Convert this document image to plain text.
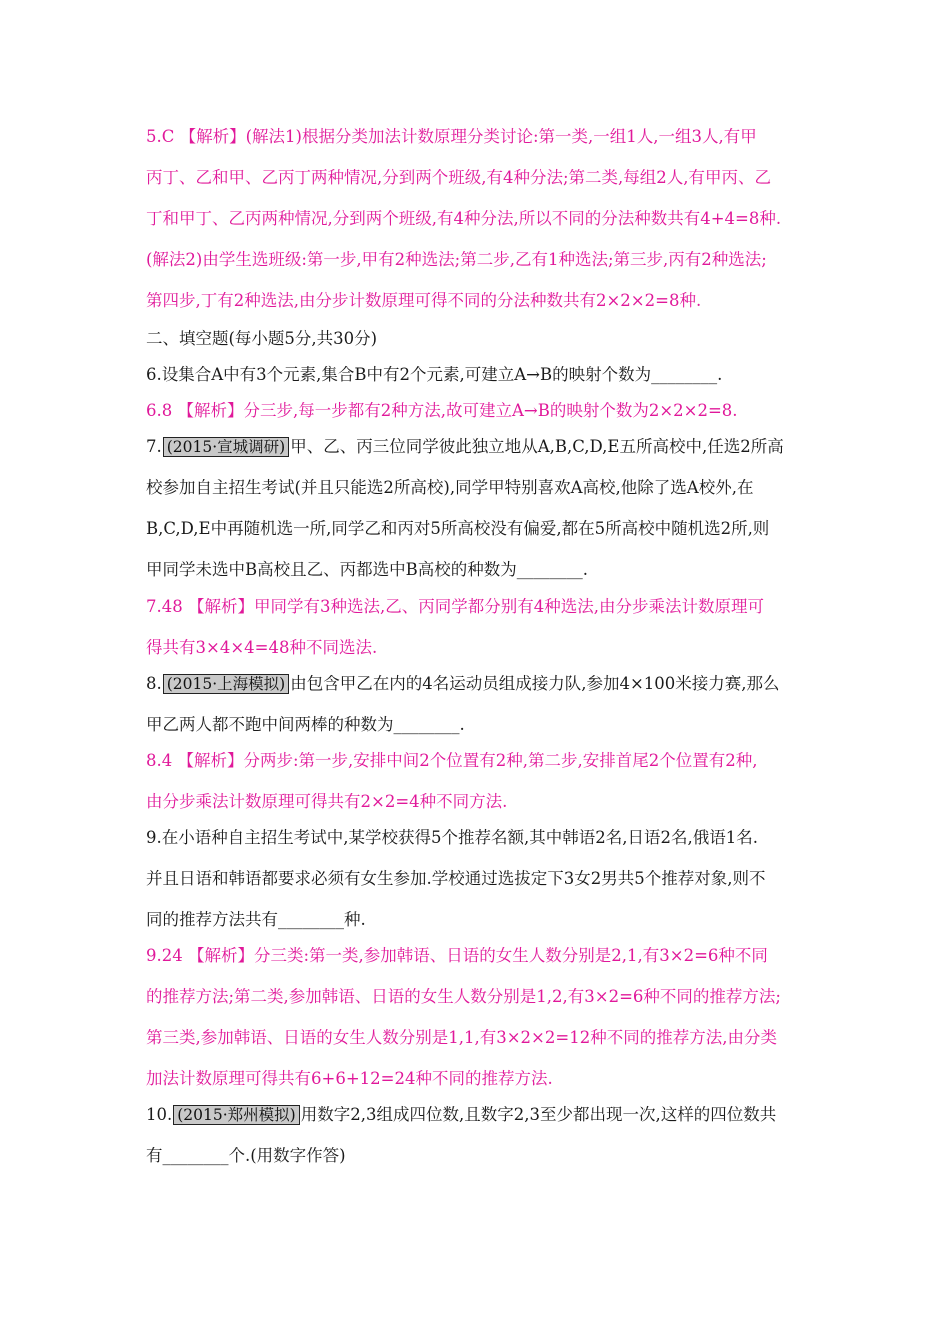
5.C 【解析】(解法1)根据分类加法计数原理分类讨论:第一类,一组1人,一组3人,有甲
丙丁、乙和甲、乙丙丁两种情况,分到两个班级,有4种分法;第二类,每组2人,有甲丙、乙
丁和甲丁、乙丙两种情况,分到两个班级,有4种分法,所以不同的分法种数共有4+4=8种.
(解法2)由学生选班级:第一步,甲有2种选法;第二步,乙有1种选法;第三步,丙有2种选法;
第四步,丁有2种选法,由分步计数原理可得不同的分法种数共有2×2×2=8种.
二、填空题(每小题5分,共30分)
6.设集合A中有3个元素,集合B中有2个元素,可建立A→B的映射个数为________.
6.8 【解析】分三步,每一步都有2种方法,故可建立A→B的映射个数为2×2×2=8.
7. (2015·宣城调研) 甲、乙、丙三位同学彼此独立地从A,B,C,D,E五所高校中,任选2所高
校参加自主招生考试(并且只能选2所高校),同学甲特别喜欢A高校,他除了选A校外,在
B,C,D,E中再随机选一所,同学乙和丙对5所高校没有偏爱,都在5所高校中随机选2所,则
甲同学未选中B高校且乙、丙都选中B高校的种数为________.
7.48 【解析】甲同学有3种选法,乙、丙同学都分别有4种选法,由分步乘法计数原理可
得共有3×4×4=48种不同选法.
8. (2015·上海模拟) 由包含甲乙在内的4名运动员组成接力队,参加4×100米接力赛,那么
甲乙两人都不跑中间两棒的种数为________.
8.4 【解析】分两步:第一步,安排中间2个位置有2种,第二步,安排首尾2个位置有2种,
由分步乘法计数原理可得共有2×2=4种不同方法.
9.在小语种自主招生考试中,某学校获得5个推荐名额,其中韩语2名,日语2名,俄语1名.
并且日语和韩语都要求必须有女生参加.学校通过选拔定下3女2男共5个推荐对象,则不
同的推荐方法共有________种.
9.24 【解析】分三类:第一类,参加韩语、日语的女生人数分别是2,1,有3×2=6种不同
的推荐方法;第二类,参加韩语、日语的女生人数分别是1,2,有3×2=6种不同的推荐方法;
第三类,参加韩语、日语的女生人数分别是1,1,有3×2×2=12种不同的推荐方法,由分类
加法计数原理可得共有6+6+12=24种不同的推荐方法.
10. (2015·郑州模拟) 用数字2,3组成四位数,且数字2,3至少都出现一次,这样的四位数共
有________个.(用数字作答)
